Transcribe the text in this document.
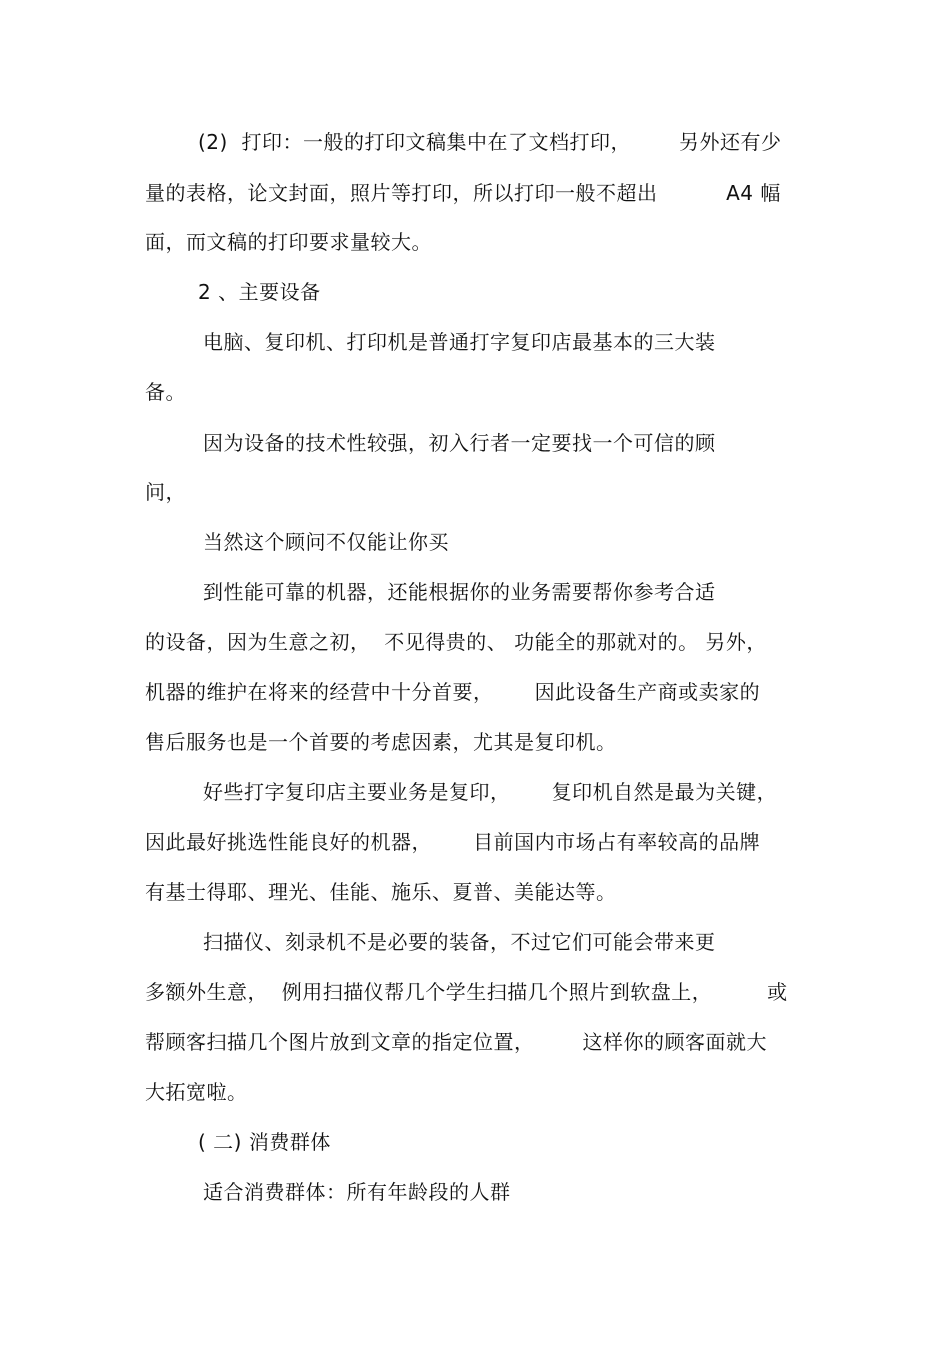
(2)  打印：一般的打印文稿集中在了文档打印，       另外还有少
量的表格，论文封面，照片等打印，所以打印一般不超出          A4 幅
面，而文稿的打印要求量较大。
2 、主要设备
电脑、复印机、打印机是普通打字复印店最基本的三大装
备。
因为设备的技术性较强，初入行者一定要找一个可信的顾
问，
当然这个顾问不仅能让你买
到性能可靠的机器，还能根据你的业务需要帮你参考合适
的设备，因为生意之初，  不见得贵的、 功能全的那就对的。 另外，
机器的维护在将来的经营中十分首要，      因此设备生产商或卖家的
售后服务也是一个首要的考虑因素，尤其是复印机。
好些打字复印店主要业务是复印，      复印机自然是最为关键，
因此最好挑选性能良好的机器，      目前国内市场占有率较高的品牌
有基士得耶、理光、佳能、施乐、夏普、美能达等。
扫描仪、刻录机不是必要的装备，不过它们可能会带来更
多额外生意，  例用扫描仪帮几个学生扫描几个照片到软盘上，        或
帮顾客扫描几个图片放到文章的指定位置，       这样你的顾客面就大
大拓宽啦。
( 二) 消费群体
适合消费群体：所有年龄段的人群
